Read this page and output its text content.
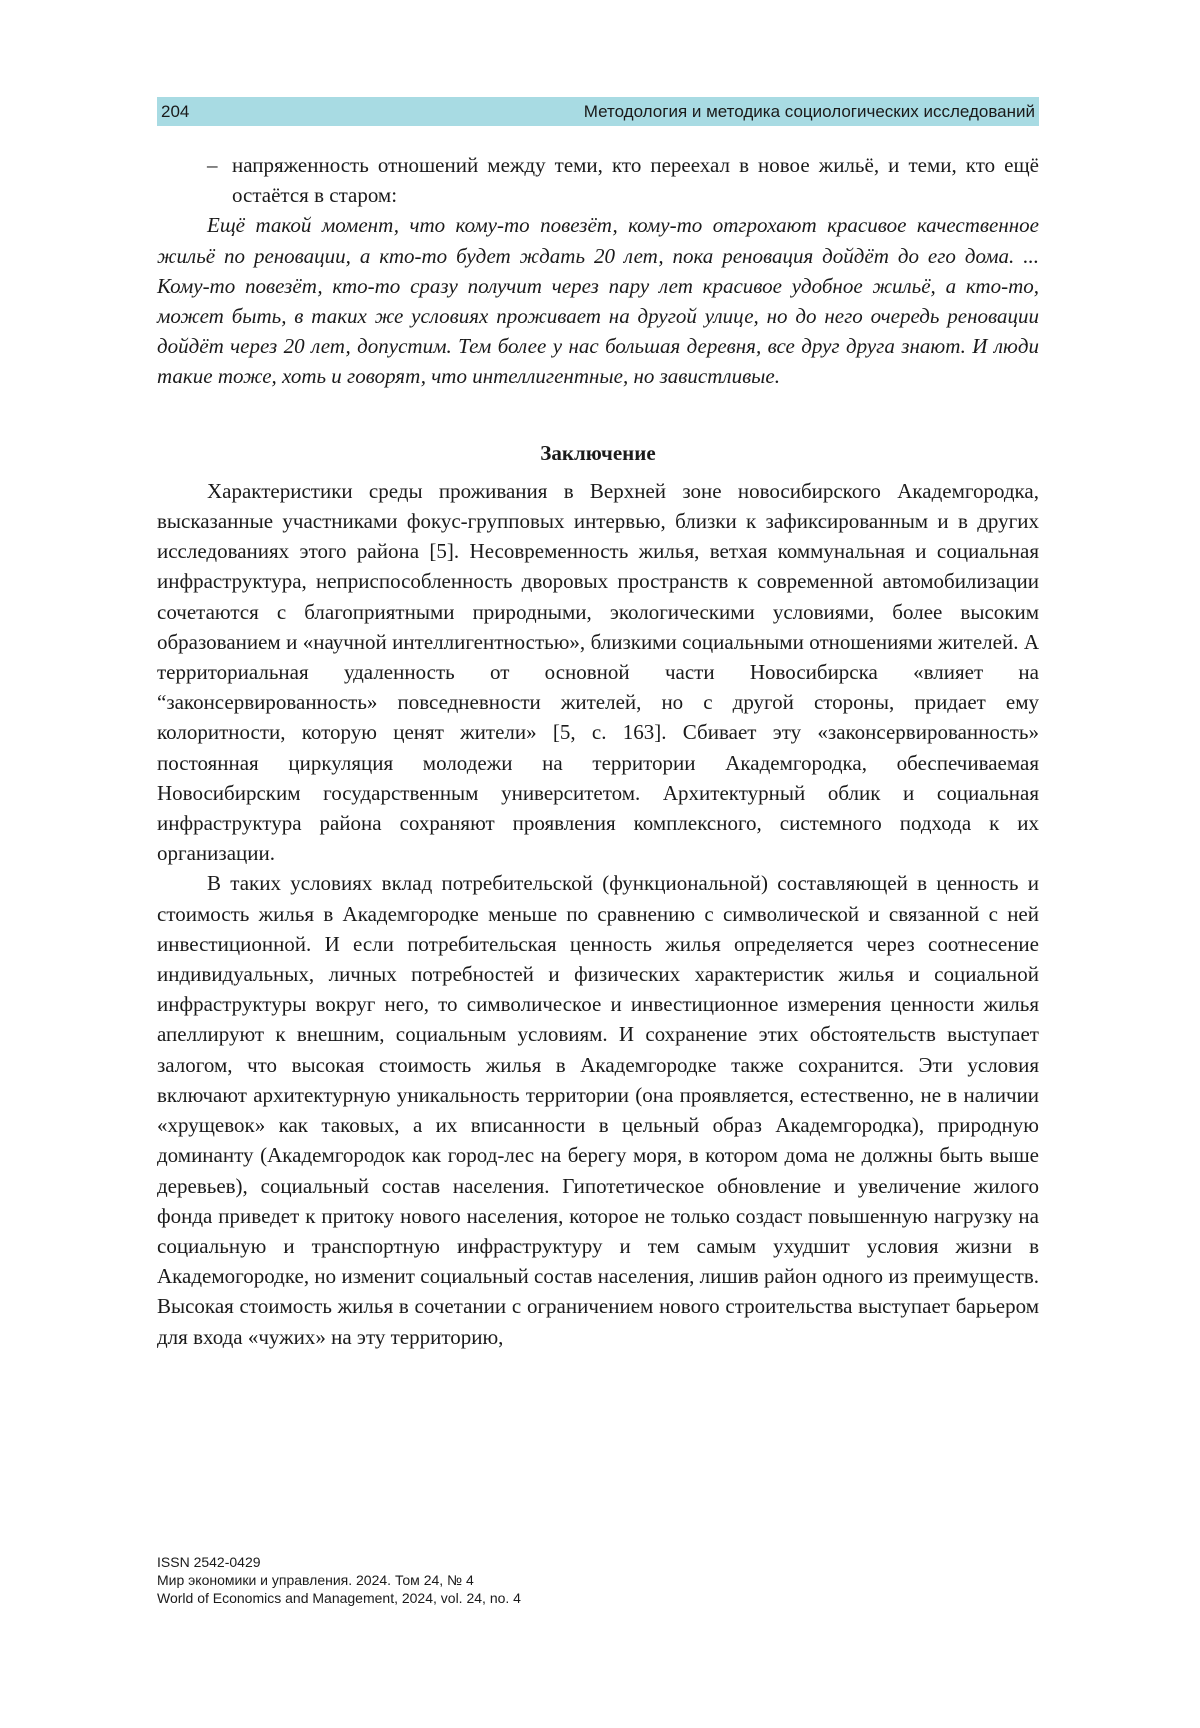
204	Методология и методика социологических исследований
– напряженность отношений между теми, кто переехал в новое жильё, и теми, кто ещё остаётся в старом:

Ещё такой момент, что кому-то повезёт, кому-то отгрохают красивое качественное жильё по реновации, а кто-то будет ждать 20 лет, пока реновация дойдёт до его дома. ... Кому-то повезёт, кто-то сразу получит через пару лет красивое удобное жильё, а кто-то, может быть, в таких же условиях проживает на другой улице, но до него очередь реновации дойдёт через 20 лет, допустим. Тем более у нас большая деревня, все друг друга знают. И люди такие тоже, хоть и говорят, что интеллигентные, но завистливые.

Заключение

Характеристики среды проживания в Верхней зоне новосибирского Академгородка, высказанные участниками фокус-групповых интервью, близки к зафиксированным и в других исследованиях этого района [5]. Несовременность жилья, ветхая коммунальная и социальная инфраструктура, неприспособленность дворовых пространств к современной автомобилизации сочетаются с благоприятными природными, экологическими условиями, более высоким образованием и «научной интеллигентностью», близкими социальными отношениями жителей. А территориальная удаленность от основной части Новосибирска «влияет на “законсервированность» повседневности жителей, но с другой стороны, придает ему колоритности, которую ценят жители» [5, с. 163]. Сбивает эту «законсервированность» постоянная циркуляция молодежи на территории Академгородка, обеспечиваемая Новосибирским государственным университетом. Архитектурный облик и социальная инфраструктура района сохраняют проявления комплексного, системного подхода к их организации.

В таких условиях вклад потребительской (функциональной) составляющей в ценность и стоимость жилья в Академгородке меньше по сравнению с символической и связанной с ней инвестиционной. И если потребительская ценность жилья определяется через соотнесение индивидуальных, личных потребностей и физических характеристик жилья и социальной инфраструктуры вокруг него, то символическое и инвестиционное измерения ценности жилья апеллируют к внешним, социальным условиям. И сохранение этих обстоятельств выступает залогом, что высокая стоимость жилья в Академгородке также сохранится. Эти условия включают архитектурную уникальность территории (она проявляется, естественно, не в наличии «хрущевок» как таковых, а их вписанности в цельный образ Академгородка), природную доминанту (Академгородок как город-лес на берегу моря, в котором дома не должны быть выше деревьев), социальный состав населения. Гипотетическое обновление и увеличение жилого фонда приведет к притоку нового населения, которое не только создаст повышенную нагрузку на социальную и транспортную инфраструктуру и тем самым ухудшит условия жизни в Академогородке, но изменит социальный состав населения, лишив район одного из преимуществ. Высокая стоимость жилья в сочетании с ограничением нового строительства выступает барьером для входа «чужих» на эту территорию,

ISSN 2542-0429
Мир экономики и управления. 2024. Том 24, № 4
World of Economics and Management, 2024, vol. 24, no. 4
